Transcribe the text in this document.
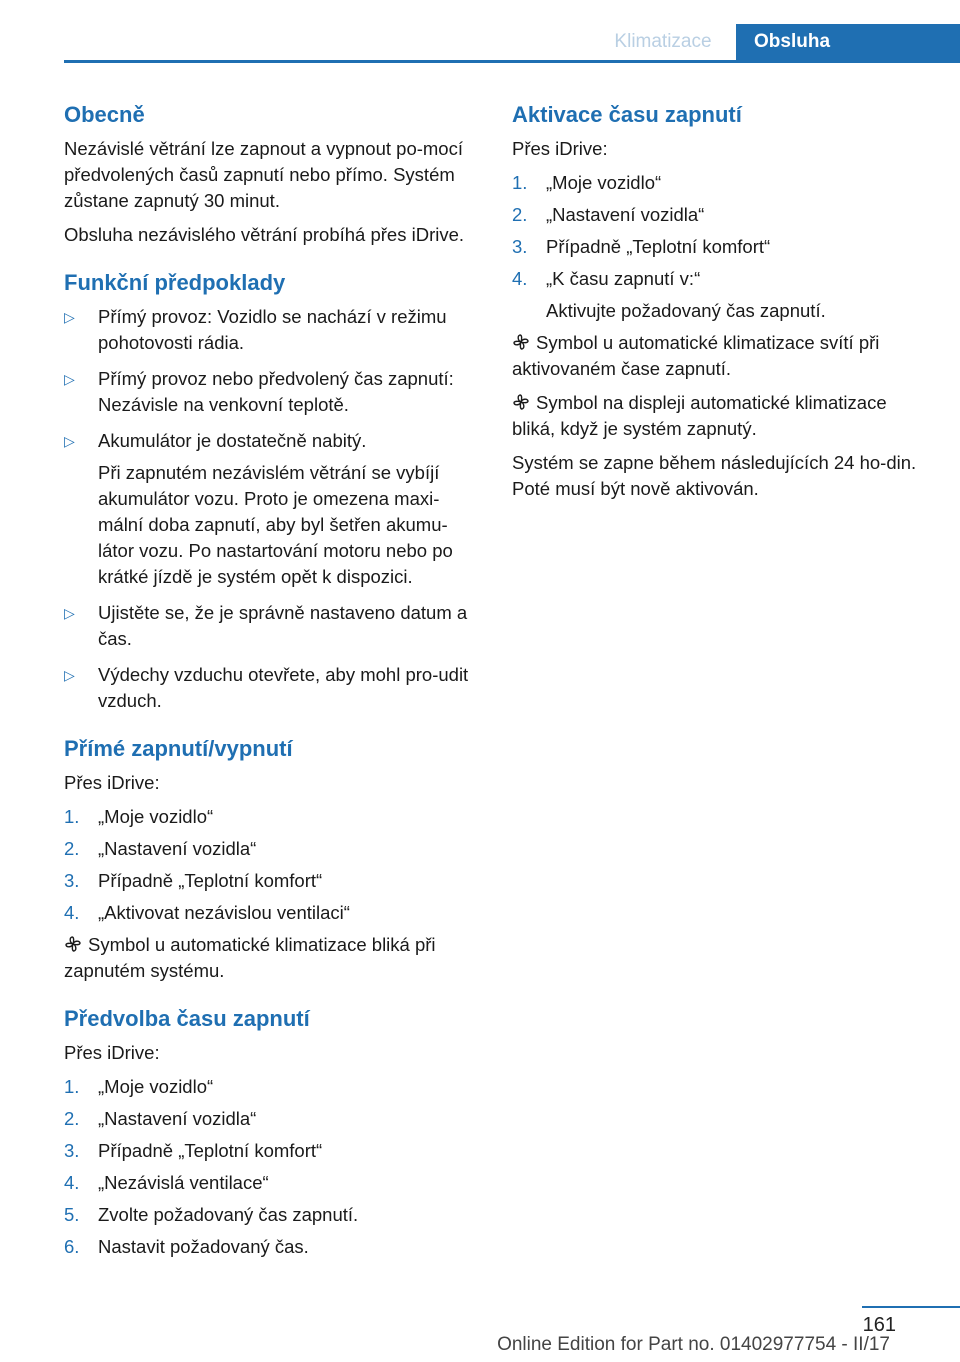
Klimatizace	Obsluha
Obecně

Nezávislé větrání lze zapnout a vypnout po-mocí předvolených časů zapnutí nebo přímo. Systém zůstane zapnutý 30 minut.

Obsluha nezávislého větrání probíhá přes iDrive.

Funkční předpoklady
▷ Přímý provoz: Vozidlo se nachází v režimu pohotovosti rádia.
▷ Přímý provoz nebo předvolený čas zapnutí: Nezávisle na venkovní teplotě.
▷ Akumulátor je dostatečně nabitý.
Při zapnutém nezávislém větrání se vybíjí akumulátor vozu. Proto je omezena maxi-mální doba zapnutí, aby byl šetřen akumu-látor vozu. Po nastartování motoru nebo po krátké jízdě je systém opět k dispozici.
▷ Ujistěte se, že je správně nastaveno datum a čas.
▷ Výdechy vzduchu otevřete, aby mohl pro-udit vzduch.
Přímé zapnutí/vypnutí

Přes iDrive:

1. „Moje vozidlo“
2. „Nastavení vozidla“
3. Případně „Teplotní komfort“
4. „Aktivovat nezávislou ventilaci“

Symbol u automatické klimatizace bliká při zapnutém systému.

Předvolba času zapnutí

Přes iDrive:

1. „Moje vozidlo“
2. „Nastavení vozidla“
3. Případně „Teplotní komfort“
4. „Nezávislá ventilace“
5. Zvolte požadovaný čas zapnutí.
6. Nastavit požadovaný čas.
Aktivace času zapnutí

Přes iDrive:

1. „Moje vozidlo“
2. „Nastavení vozidla“
3. Případně „Teplotní komfort“
4. „K času zapnutí v:“
Aktivujte požadovaný čas zapnutí.

Symbol u automatické klimatizace svítí při aktivovaném čase zapnutí.

Symbol na displeji automatické klimatizace bliká, když je systém zapnutý.

Systém se zapne během následujících 24 ho-din. Poté musí být nově aktivován.

161
Online Edition for Part no. 01402977754 - II/17
